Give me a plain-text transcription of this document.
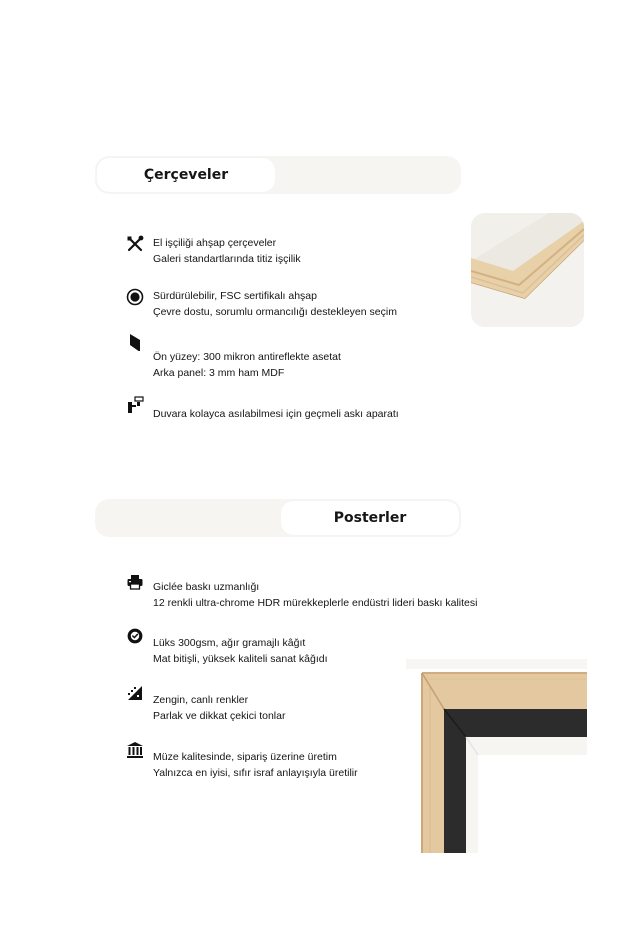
Çerçeveler
El işçiliği ahşap çerçeveler
Galeri standartlarında titiz işçilik
Sürdürülebilir, FSC sertifikalı ahşap
Çevre dostu, sorumlu ormancılığı destekleyen seçim
Ön yüzey: 300 mikron antireflekte asetat
Arka panel: 3 mm ham MDF
Duvara kolayca asılabilmesi için geçmeli askı aparatı
Posterler
Giclée baskı uzmanlığı
12 renkli ultra-chrome HDR mürekkeplerle endüstri lideri baskı kalitesi
Lüks 300gsm, ağır gramajlı kâğıt
Mat bitişli, yüksek kaliteli sanat kâğıdı
Zengin, canlı renkler
Parlak ve dikkat çekici tonlar
Müze kalitesinde, sipariş üzerine üretim
Yalnızca en iyisi, sıfır israf anlayışıyla üretilir
